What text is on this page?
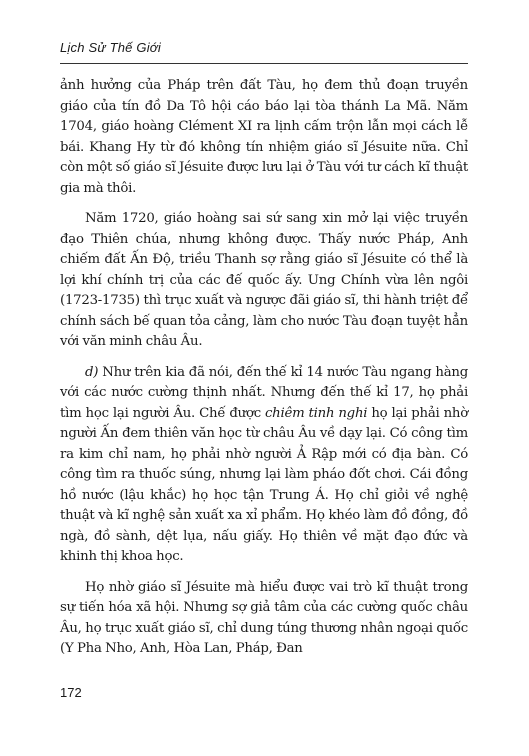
Lịch Sử Thế Giới

ảnh hưởng của Pháp trên đất Tàu, họ đem thủ đoạn truyền giáo của tín đồ Da Tô hội cáo báo lại tòa thánh La Mã. Năm 1704, giáo hoàng Clément XI ra lịnh cấm trộn lẫn mọi cách lễ bái. Khang Hy từ đó không tín nhiệm giáo sĩ Jésuite nữa. Chỉ còn một số giáo sĩ Jésuite được lưu lại ở Tàu với tư cách kĩ thuật gia mà thôi.

Năm 1720, giáo hoàng sai sứ sang xin mở lại việc truyền đạo Thiên chúa, nhưng không được. Thấy nước Pháp, Anh chiếm đất Ấn Độ, triều Thanh sợ rằng giáo sĩ Jésuite có thể là lợi khí chính trị của các đế quốc ấy. Ung Chính vừa lên ngôi (1723-1735) thì trục xuất và ngược đãi giáo sĩ, thi hành triệt để chính sách bế quan tỏa cảng, làm cho nước Tàu đoạn tuyệt hẳn với văn minh châu Âu.

d) Như trên kia đã nói, đến thế kỉ 14 nước Tàu ngang hàng với các nước cường thịnh nhất. Nhưng đến thế kỉ 17, họ phải tìm học lại người Âu. Chế được chiêm tinh nghi họ lại phải nhờ người Ấn đem thiên văn học từ châu Âu về dạy lại. Có công tìm ra kim chỉ nam, họ phải nhờ người Ả Rập mới có địa bàn. Có công tìm ra thuốc súng, nhưng lại làm pháo đốt chơi. Cái đồng hồ nước (lậu khắc) họ học tận Trung Á. Họ chỉ giỏi về nghệ thuật và kĩ nghệ sản xuất xa xỉ phẩm. Họ khéo làm đồ đồng, đồ ngà, đồ sành, dệt lụa, nấu giấy. Họ thiên về mặt đạo đức và khinh thị khoa học.

Họ nhờ giáo sĩ Jésuite mà hiểu được vai trò kĩ thuật trong sự tiến hóa xã hội. Nhưng sợ giả tâm của các cường quốc châu Âu, họ trục xuất giáo sĩ, chỉ dung túng thương nhân ngoại quốc (Y Pha Nho, Anh, Hòa Lan, Pháp, Đan

172
